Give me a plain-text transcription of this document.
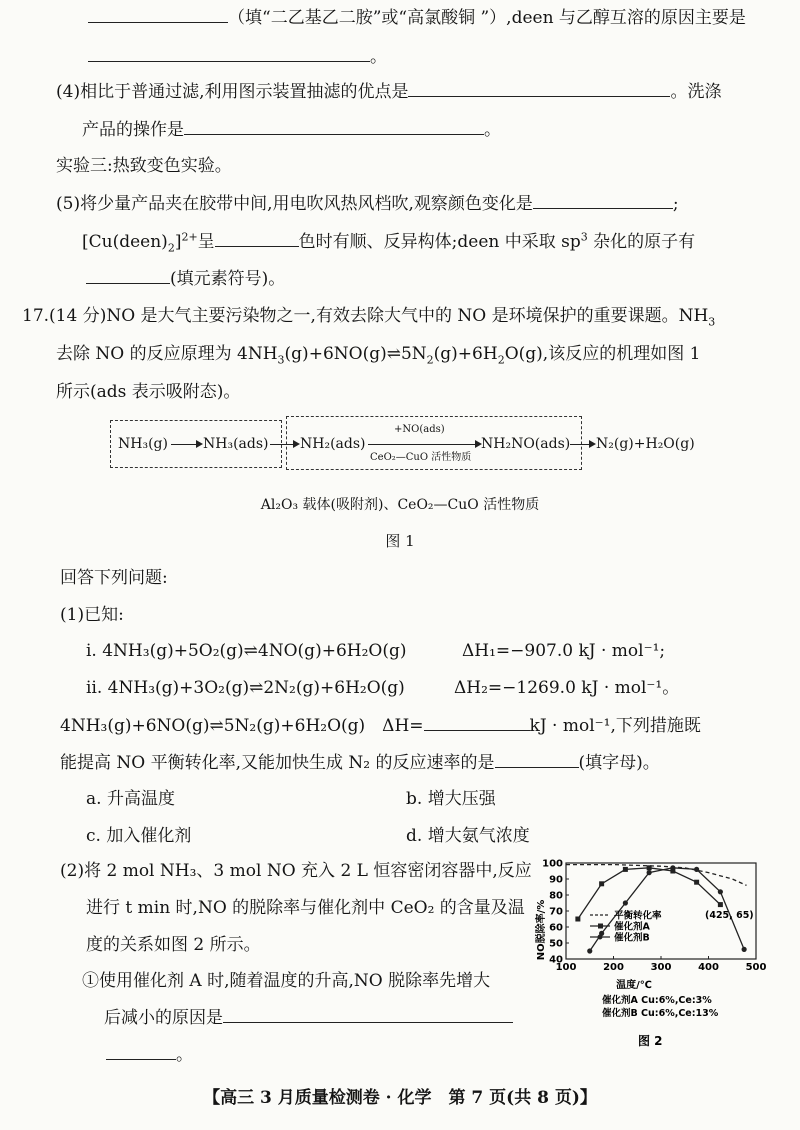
（填“二乙基乙二胺”或“高氯酸铜 ”）,deen 与乙醇互溶的原因主要是
。
(4)相比于普通过滤,利用图示装置抽滤的优点是	。洗涤
产品的操作是	。
实验三:热致变色实验。
(5)将少量产品夹在胶带中间,用电吹风热风档吹,观察颜色变化是	;
$[Cu(deen)_2]^{2+}$呈	色时有顺、反异构体;deen 中采取 $sp^3$ 杂化的原子有
(填元素符号)。
17.(14 分)NO 是大气主要污染物之一,有效去除大气中的 NO 是环境保护的重要课题。$NH_3$
去除 NO 的反应原理为 $4NH_3(g)+6NO(g)\rightleftharpoons 5N_2(g)+6H_2O(g)$,该反应的机理如图 1
所示(ads 表示吸附态)。
NH₃(g)	NH₃(ads) NH₂(ads)
+NO(ads)
CeO₂—CuO 活性物质
NH₂NO(ads) N₂(g)+H₂O(g)
Al₂O₃ 载体(吸附剂)、CeO₂—CuO 活性物质
图 1
回答下列问题:
(1)已知:
ⅰ. 4NH₃(g)+5O₂(g)⇌4NO(g)+6H₂O(g)	ΔH₁=−907.0 kJ · mol⁻¹;
ⅱ. 4NH₃(g)+3O₂(g)⇌2N₂(g)+6H₂O(g)	ΔH₂=−1269.0 kJ · mol⁻¹。
4NH₃(g)+6NO(g)⇌5N₂(g)+6H₂O(g)　ΔH=	kJ · mol⁻¹,下列措施既
能提高 NO 平衡转化率,又能加快生成 N₂ 的反应速率的是	(填字母)。
a. 升高温度	b. 增大压强
c. 加入催化剂	d. 增大氨气浓度
(2)将 2 mol NH₃、3 mol NO 充入 2 L 恒容密闭容器中,反应
进行 t min 时,NO 的脱除率与催化剂中 CeO₂ 的含量及温
度的关系如图 2 所示。
①使用催化剂 A 时,随着温度的升高,NO 脱除率先增大
后减小的原因是
。
100	200	300	400	500
40
50
60
70
80
90
100
平衡转化率
催化剂A
催化剂B
(425, 65)
温度/℃
NO脱除率/%
催化剂A Cu:6%,Ce:3%
催化剂B Cu:6%,Ce:13%
图 2
【高三 3 月质量检测卷 · 化学　第 7 页(共 8 页)】
